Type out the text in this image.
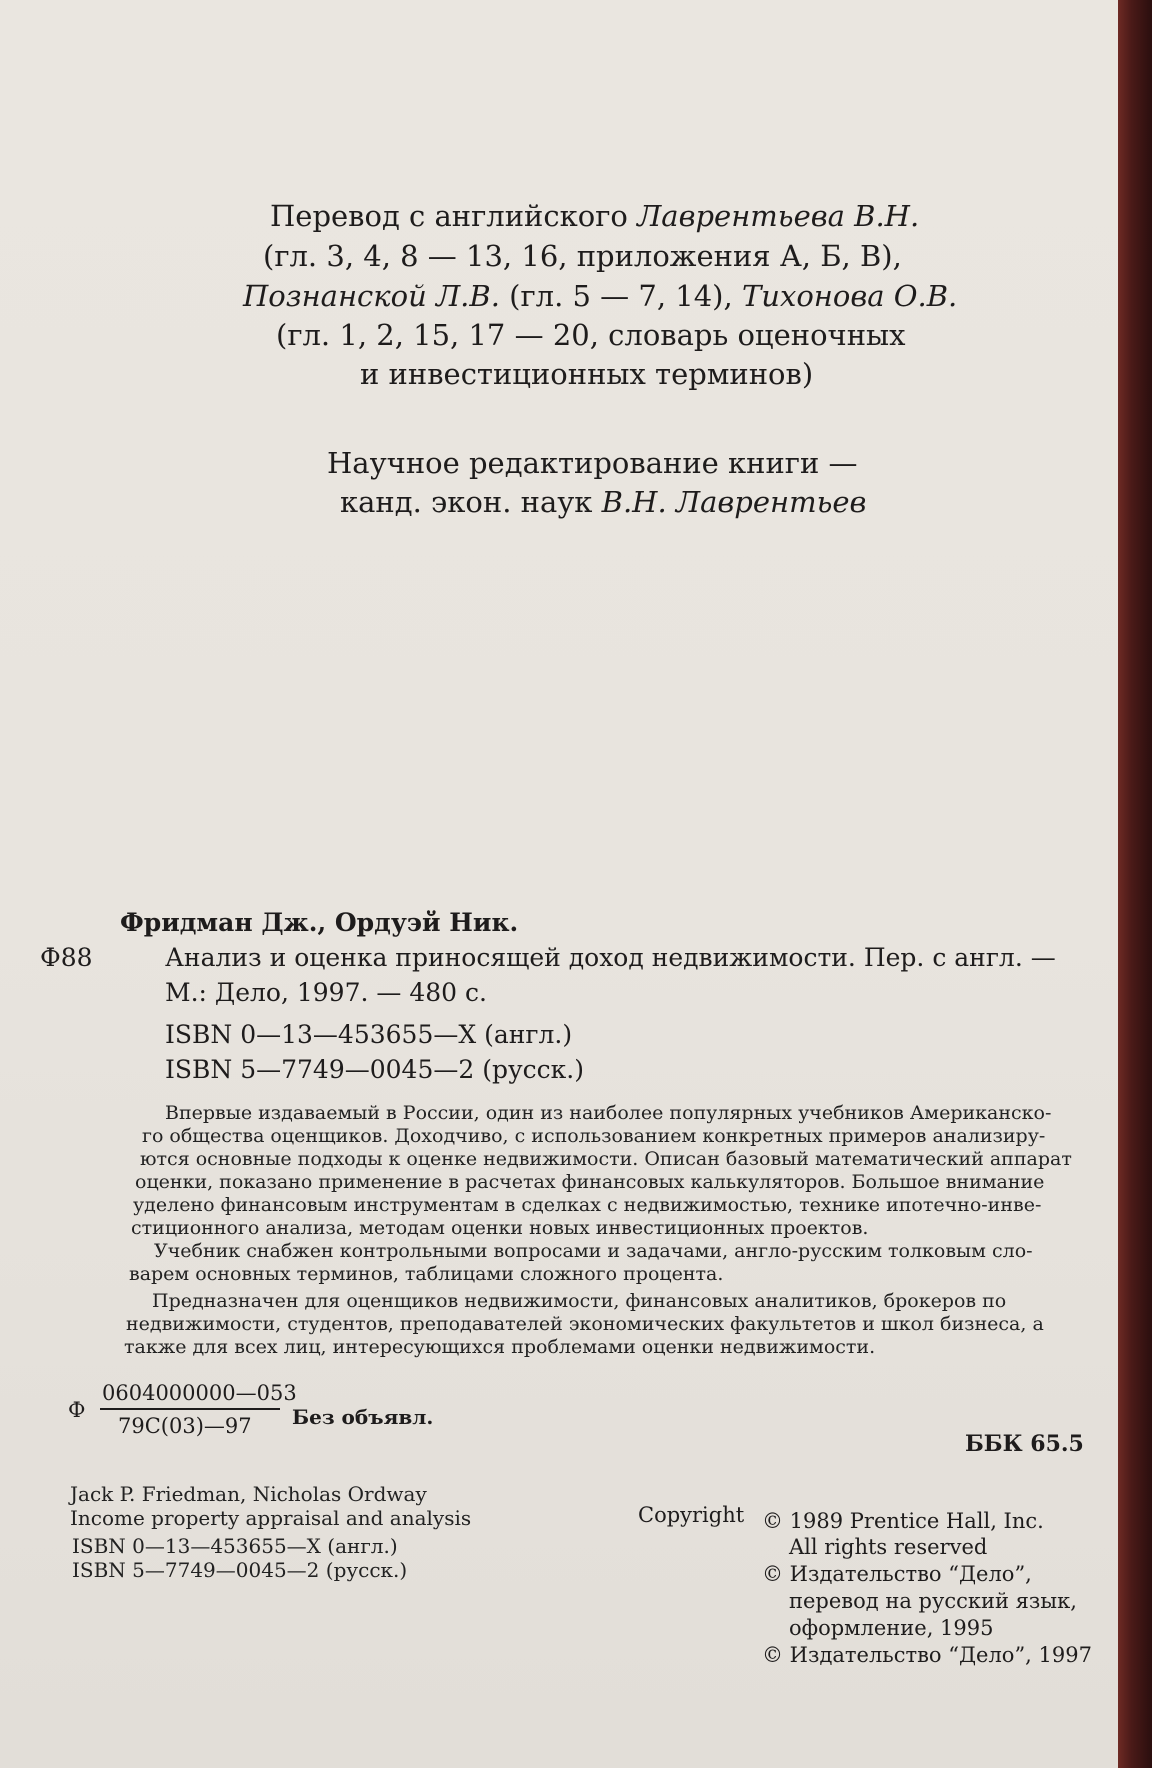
Перевод с английского Лаврентьева В.Н.
(гл. 3, 4, 8 — 13, 16, приложения А, Б, В),
Познанской Л.В. (гл. 5 — 7, 14), Тихонова О.В.
(гл. 1, 2, 15, 17 — 20, словарь оценочных
и инвестиционных терминов)
Научное редактирование книги —
канд. экон. наук В.Н. Лаврентьев
Фридман Дж., Ордуэй Ник.
Ф88	Анализ и оценка приносящей доход недвижимости. Пер. с англ. —
М.: Дело, 1997. — 480 с.
ISBN 0—13—453655—X (англ.)
ISBN 5—7749—0045—2 (русск.)
Впервые издаваемый в России, один из наиболее популярных учебников Американско-
го общества оценщиков. Доходчиво, с использованием конкретных примеров анализиру-
ются основные подходы к оценке недвижимости. Описан базовый математический аппарат
оценки, показано применение в расчетах финансовых калькуляторов. Большое внимание
уделено финансовым инструментам в сделках с недвижимостью, технике ипотечно-инве-
стиционного анализа, методам оценки новых инвестиционных проектов.
Учебник снабжен контрольными вопросами и задачами, англо-русским толковым сло-
варем основных терминов, таблицами сложного процента.
Предназначен для оценщиков недвижимости, финансовых аналитиков, брокеров по
недвижимости, студентов, преподавателей экономических факультетов и школ бизнеса, а
также для всех лиц, интересующихся проблемами оценки недвижимости.
Ф
0604000000—053
79С(03)—97 Без объявл.
ББК 65.5
Jack P. Friedman, Nicholas Ordway
Income property appraisal and analysis
ISBN 0—13—453655—X (англ.)
ISBN 5—7749—0045—2 (русск.)
Copyright © 1989 Prentice Hall, Inc.
All rights reserved
© Издательство “Дело”,
перевод на русский язык,
оформление, 1995
© Издательство “Дело”, 1997
